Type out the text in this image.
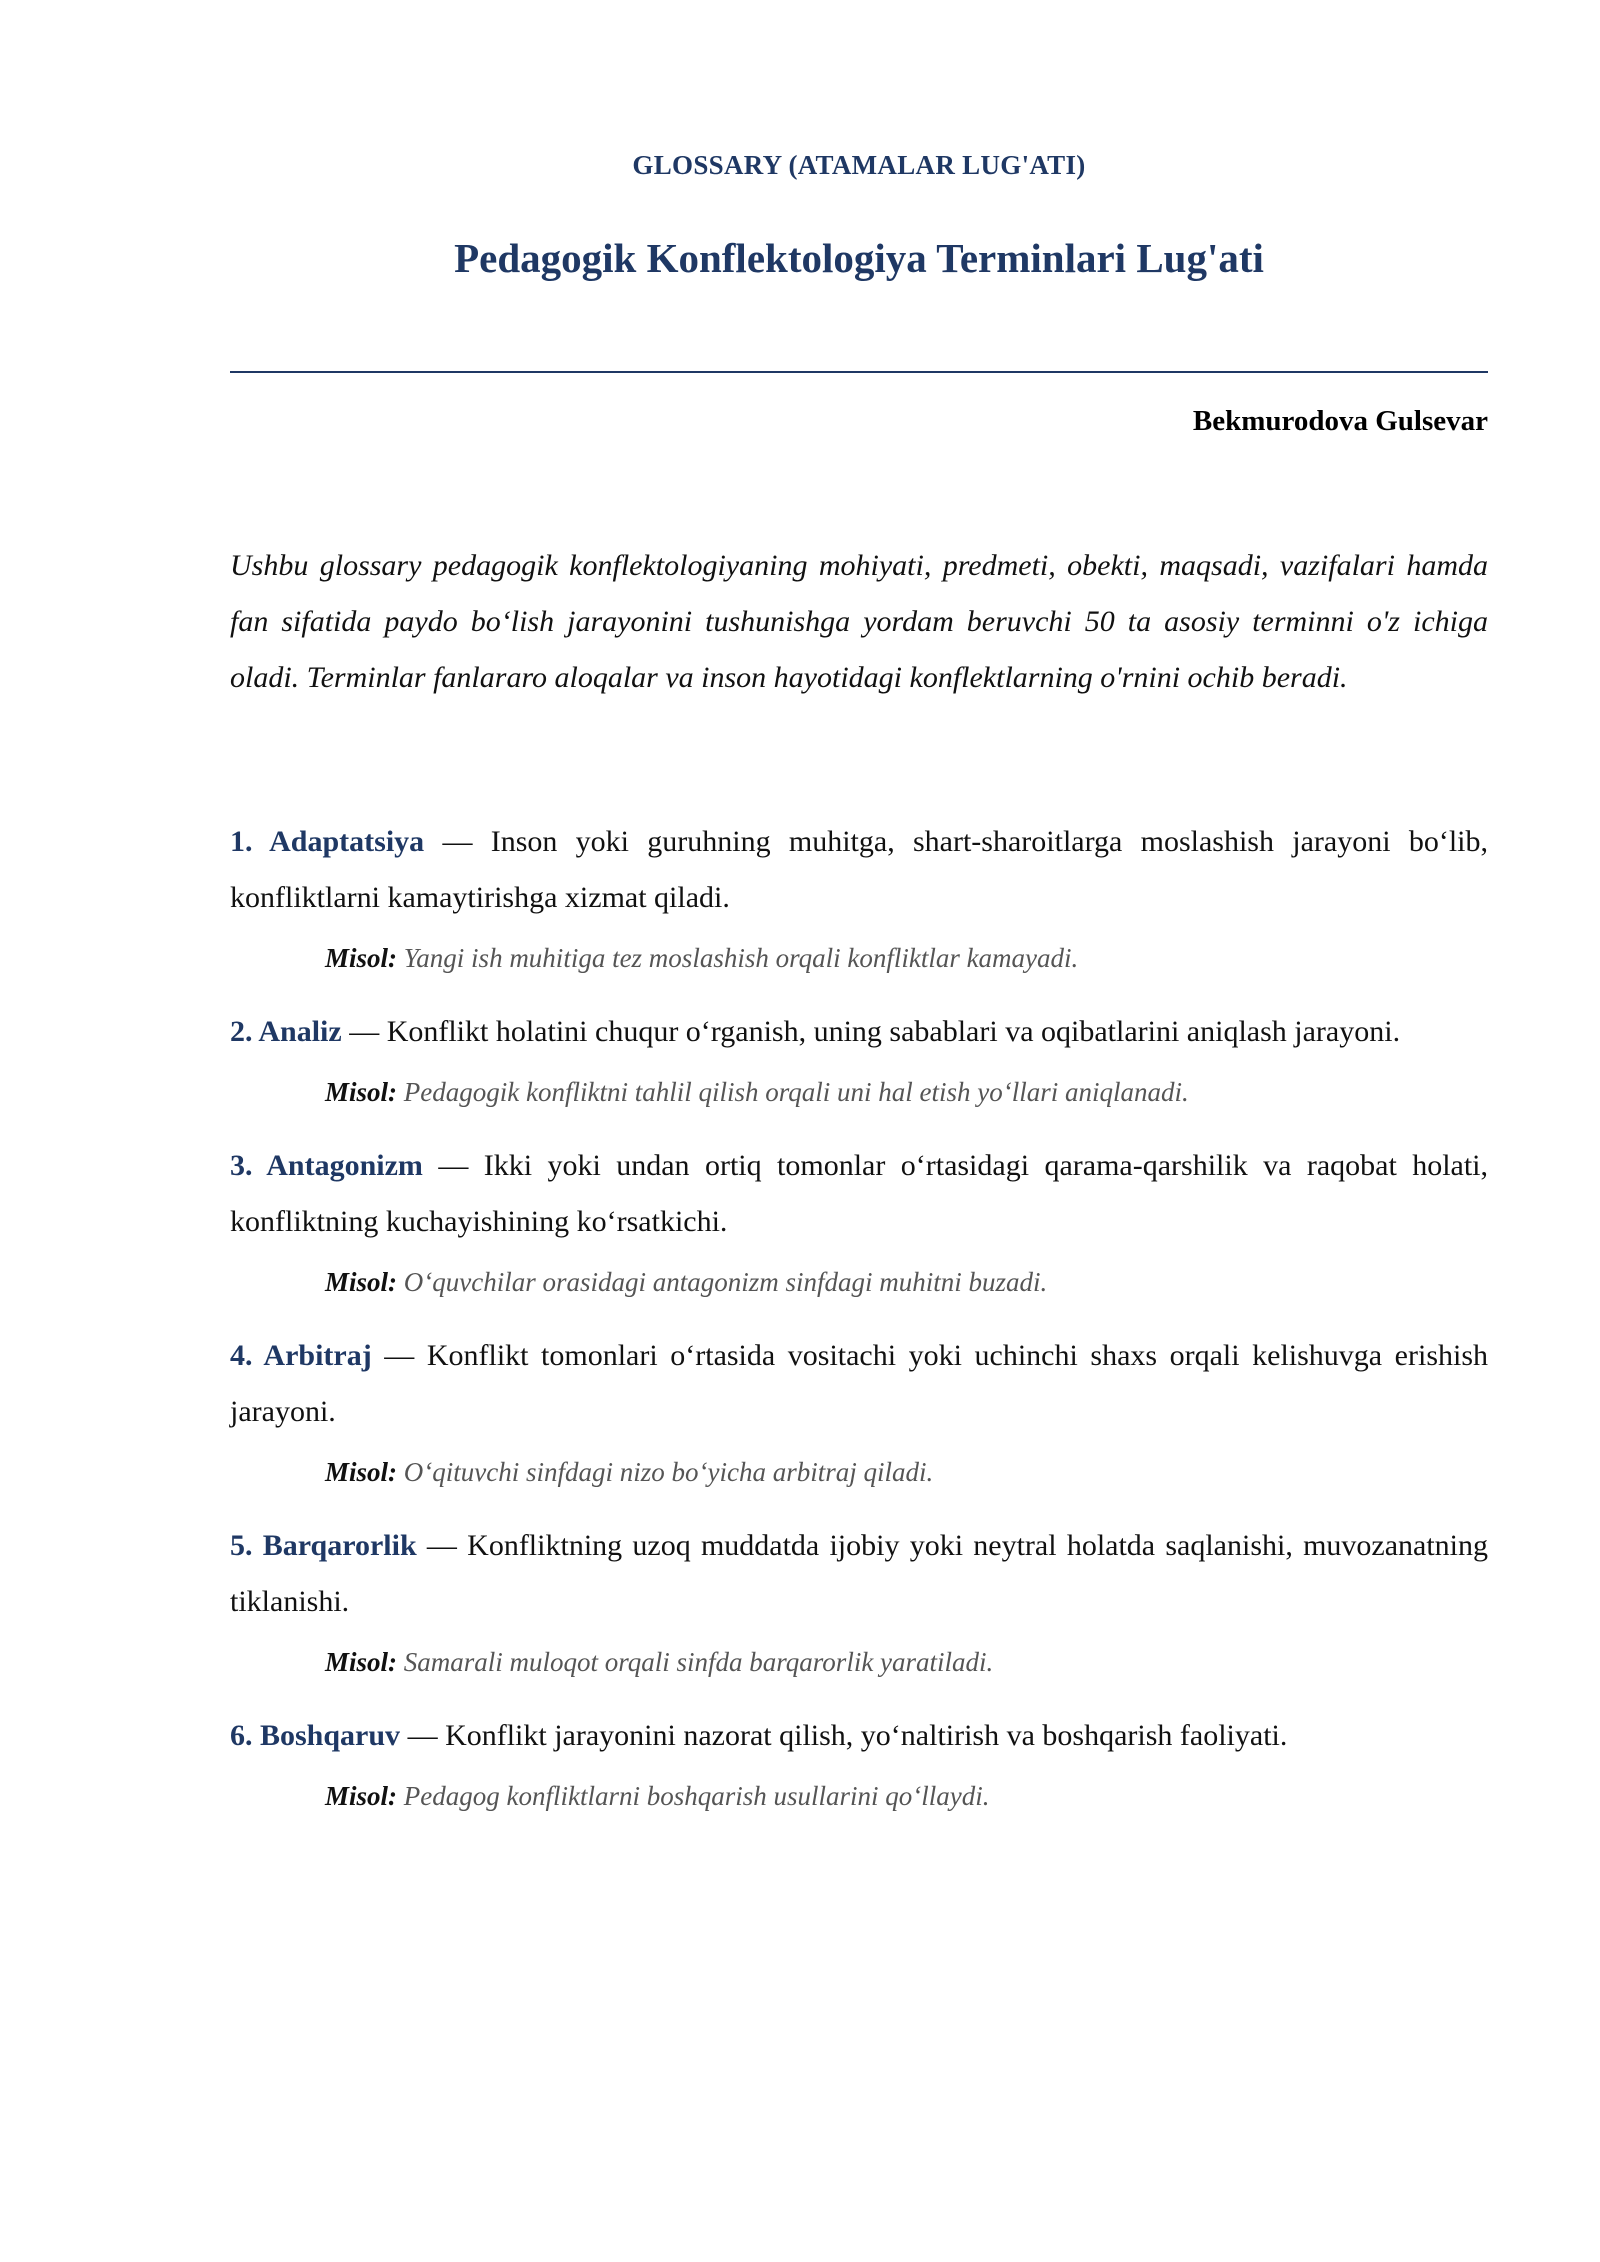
GLOSSARY (ATAMALAR LUG'ATI)
Pedagogik Konflektologiya Terminlari Lug'ati
Bekmurodova Gulsevar

Ushbu glossary pedagogik konflektologiyaning mohiyati, predmeti, obekti, maqsadi, vazifalari hamda fan sifatida paydo bo‘lish jarayonini tushunishga yordam beruvchi 50 ta asosiy terminni o'z ichiga oladi. Terminlar fanlararo aloqalar va inson hayotidagi konflektlarning o'rnini ochib beradi.

1. Adaptatsiya — Inson yoki guruhning muhitga, shart-sharoitlarga moslashish jarayoni bo‘lib, konfliktlarni kamaytirishga xizmat qiladi.

Misol: Yangi ish muhitiga tez moslashish orqali konfliktlar kamayadi.

2. Analiz — Konflikt holatini chuqur o‘rganish, uning sabablari va oqibatlarini aniqlash jarayoni.

Misol: Pedagogik konfliktni tahlil qilish orqali uni hal etish yo‘llari aniqlanadi.

3. Antagonizm — Ikki yoki undan ortiq tomonlar o‘rtasidagi qarama-qarshilik va raqobat holati, konfliktning kuchayishining ko‘rsatkichi.

Misol: O‘quvchilar orasidagi antagonizm sinfdagi muhitni buzadi.

4. Arbitraj — Konflikt tomonlari o‘rtasida vositachi yoki uchinchi shaxs orqali kelishuvga erishish jarayoni.

Misol: O‘qituvchi sinfdagi nizo bo‘yicha arbitraj qiladi.

5. Barqarorlik — Konfliktning uzoq muddatda ijobiy yoki neytral holatda saqlanishi, muvozanatning tiklanishi.

Misol: Samarali muloqot orqali sinfda barqarorlik yaratiladi.

6. Boshqaruv — Konflikt jarayonini nazorat qilish, yo‘naltirish va boshqarish faoliyati.

Misol: Pedagog konfliktlarni boshqarish usullarini qo‘llaydi.
